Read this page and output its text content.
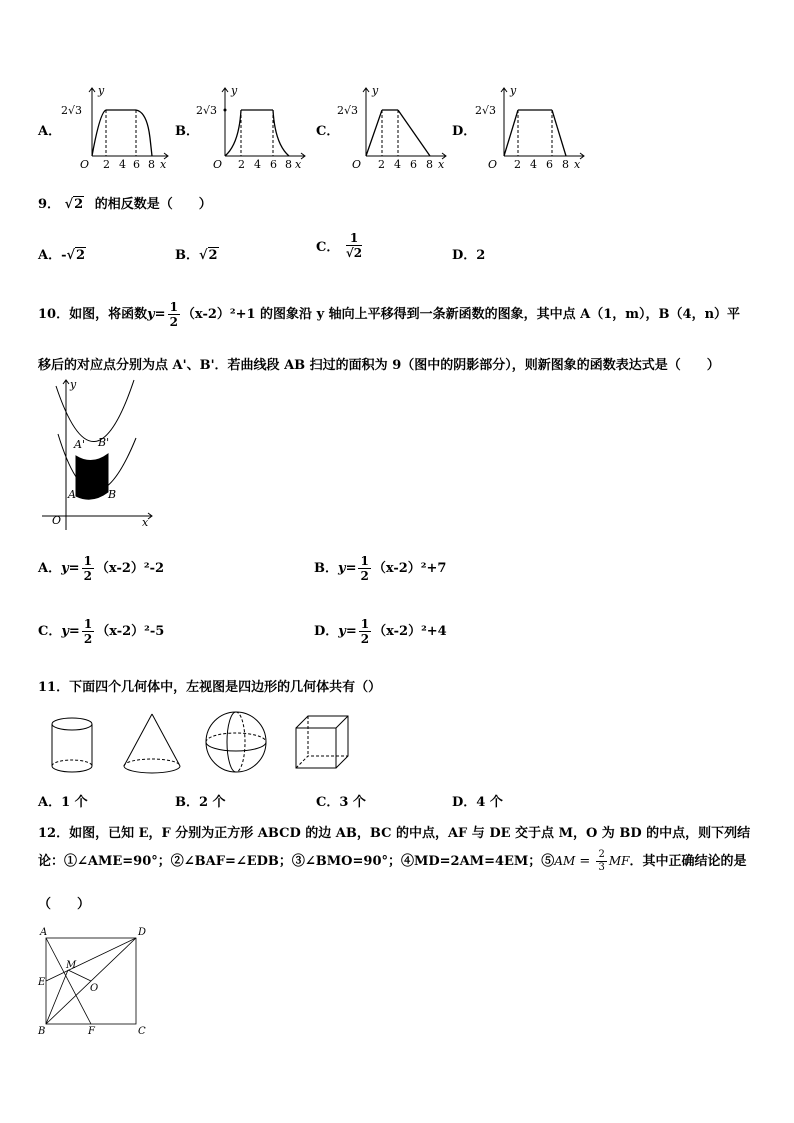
A．
y
2√3
O 2 4 6 8 x
B．
y
2√3
O 2 4 6 8 x
C．
y
2√3
O 2 4 6 8 x
D．
y
2√3
O 2 4 6 8 x
9． √2 的相反数是（　　）
A．-√2	B．√2
C． $\frac{1}{√2}$	D．2
10．如图，将函数$y= \frac{1}{2} (x-2)^2+1$ 的图象沿 y 轴向上平移得到一条新函数的图象，其中点 A（1，m），B（4，n）平
移后的对应点分别为点 A'、B'．若曲线段 AB 扫过的面积为 9（图中的阴影部分），则新图象的函数表达式是（　　）
y
x
O
A	B
A' B'
A．$y= \frac{1}{2} (x-2)^2-2$	B．$y= \frac{1}{2} (x-2)^2+7$
C．$y= \frac{1}{2} (x-2)^2-5$	D．$y= \frac{1}{2} (x-2)^2+4$
11．下面四个几何体中，左视图是四边形的几何体共有（）
A．1 个	B．2 个	C．3 个	D．4 个
12．如图，已知 E，F 分别为正方形 ABCD 的边 AB，BC 的中点，AF 与 DE 交于点 M，O 为 BD 的中点，则下列结
论：①∠AME=90°；②∠BAF=∠EDB；③∠BMO=90°；④MD=2AM=4EM；⑤AM = $\frac{2}{3}$ MF．其中正确结论的是
（　　）
A	D
B	C
E
F
M
O
